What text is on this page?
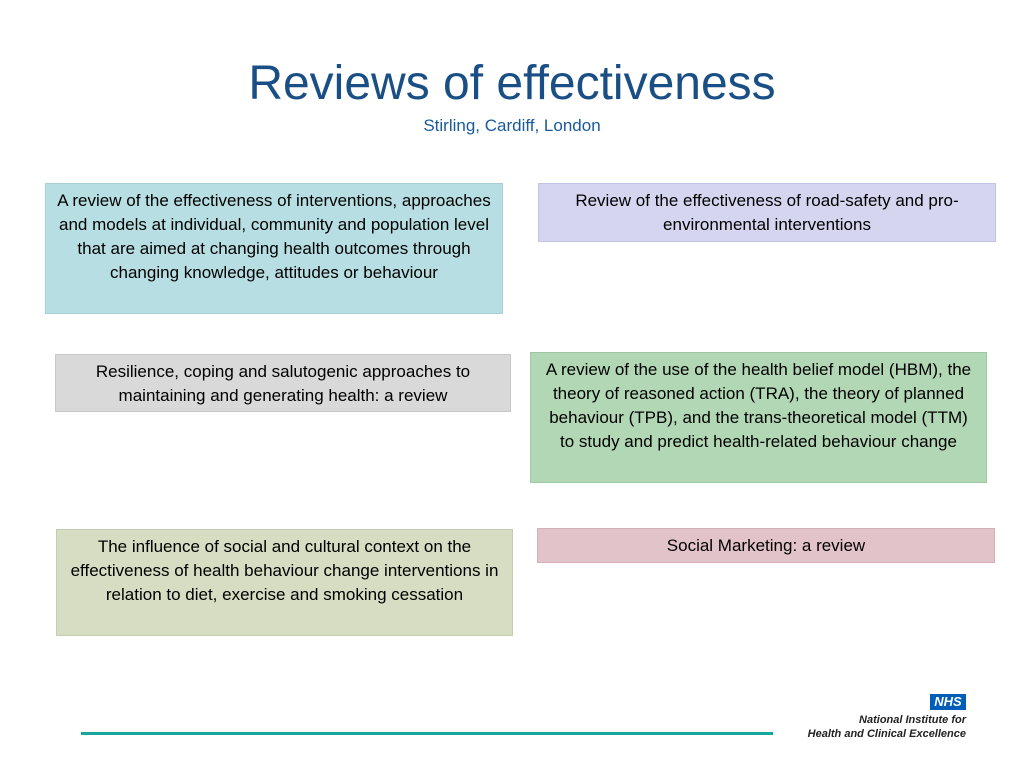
Reviews of effectiveness
Stirling, Cardiff, London
A review of the effectiveness of interventions, approaches and models at individual, community and population level that are aimed at changing health outcomes through changing knowledge, attitudes or behaviour
Review of the effectiveness of road-safety and pro-environmental interventions
Resilience, coping and salutogenic approaches to maintaining and generating health: a review
A review of the use of the health belief model (HBM), the theory of reasoned action (TRA), the theory of planned behaviour (TPB), and the trans-theoretical model (TTM) to study and predict health-related behaviour change
The influence of social and cultural context on the effectiveness of health behaviour change interventions in relation to diet, exercise and smoking cessation
Social Marketing: a review
NHS
National Institute for
Health and Clinical Excellence
